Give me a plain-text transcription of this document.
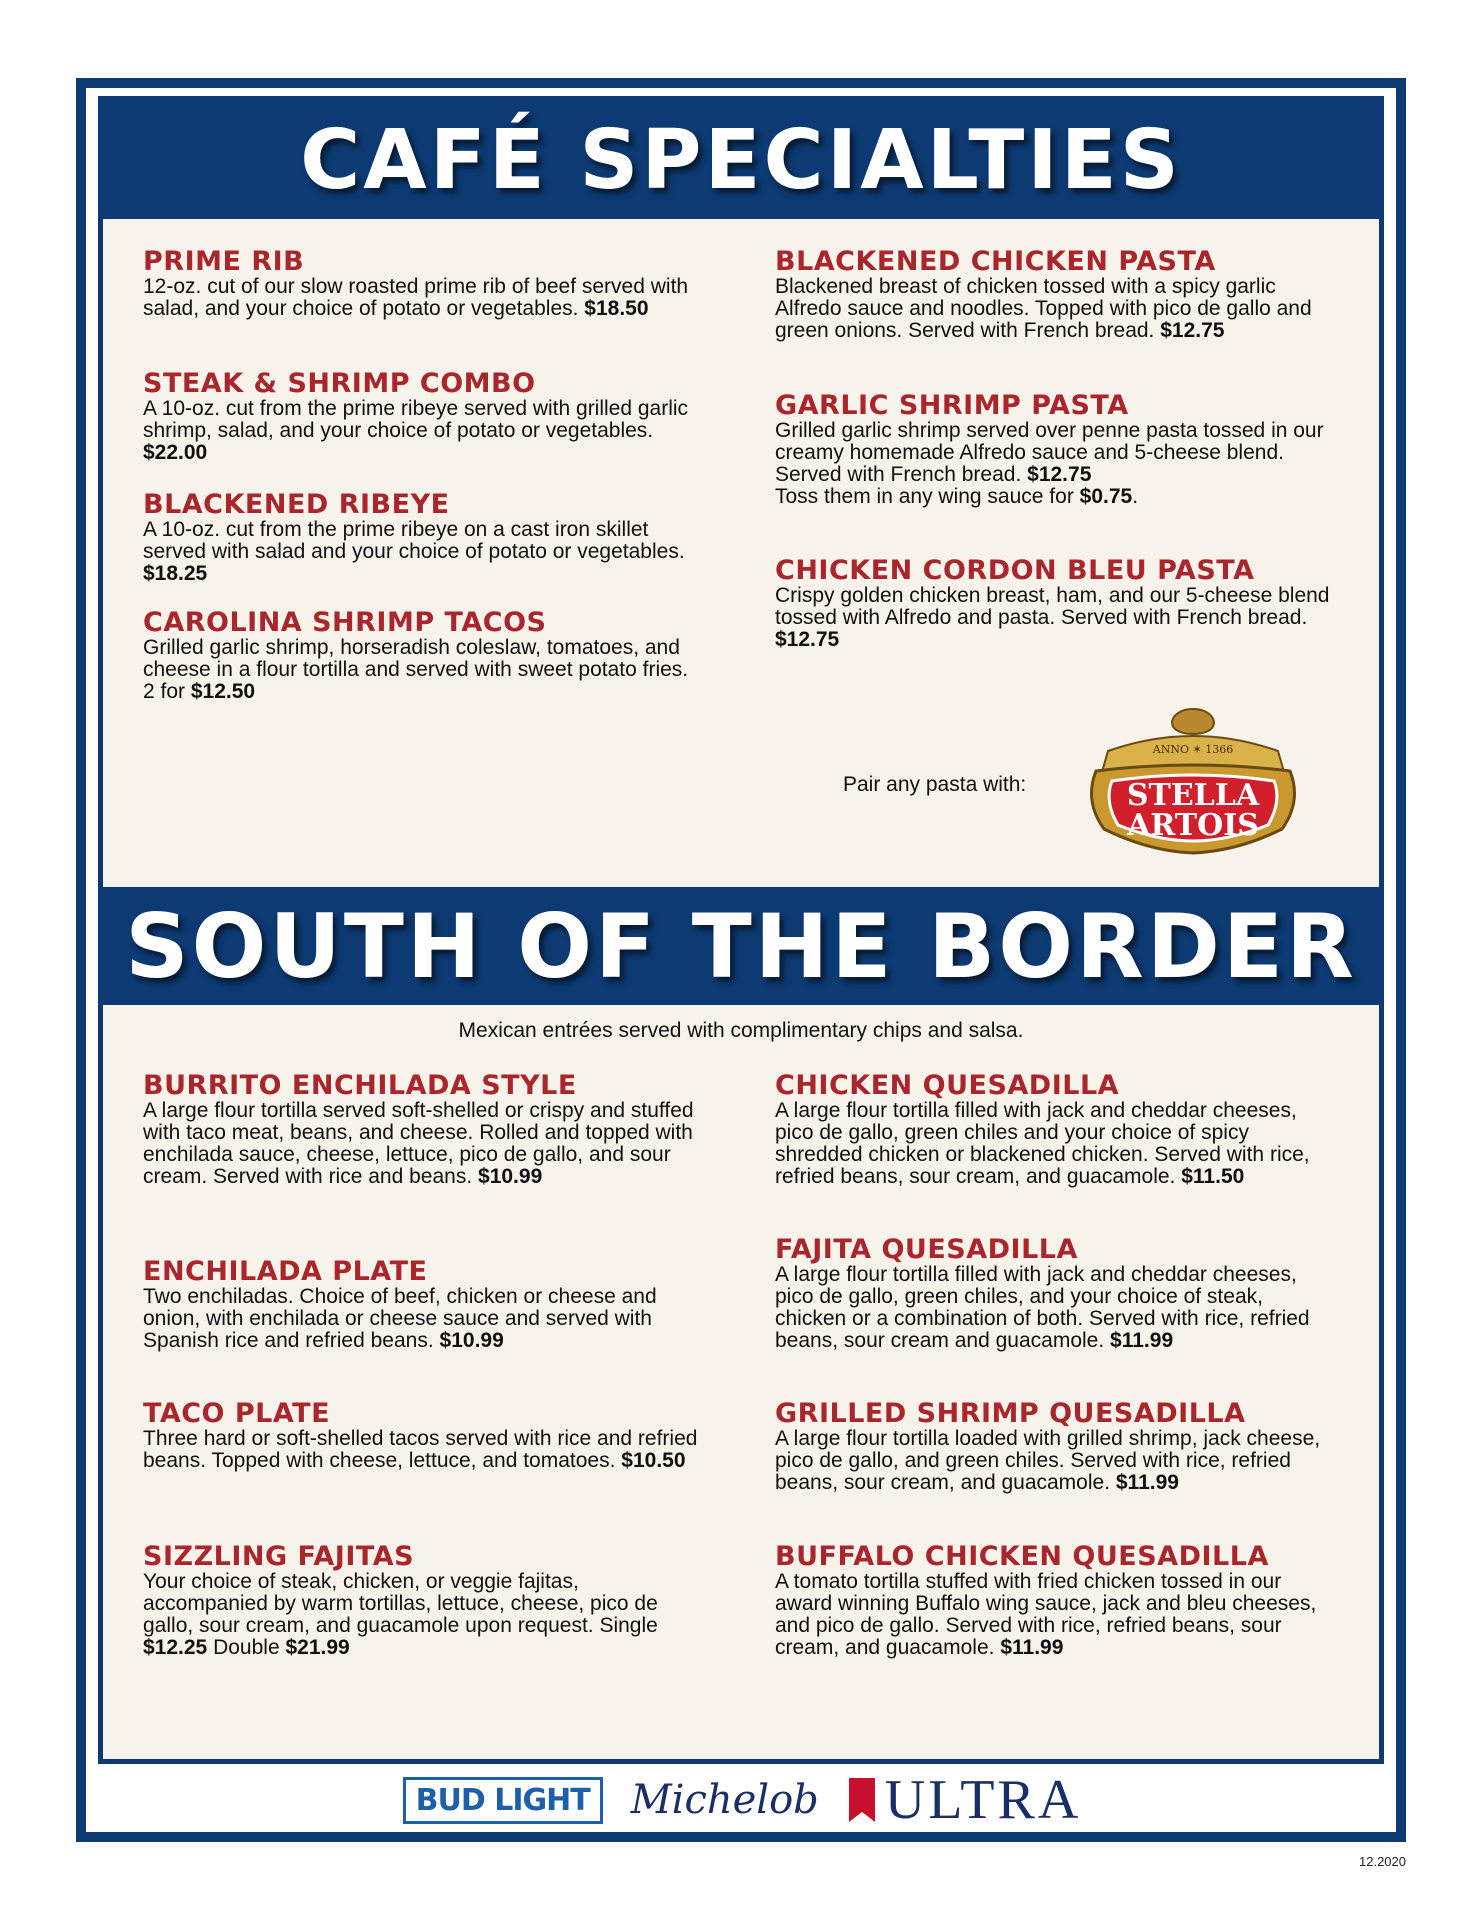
CAFÉ SPECIALTIES
PRIME RIB
12-oz. cut of our slow roasted prime rib of beef served with salad, and your choice of potato or vegetables. $18.50
STEAK & SHRIMP COMBO
A 10-oz. cut from the prime ribeye served with grilled garlic shrimp, salad, and your choice of potato or vegetables. $22.00
BLACKENED RIBEYE
A 10-oz. cut from the prime ribeye on a cast iron skillet served with salad and your choice of potato or vegetables. $18.25
CAROLINA SHRIMP TACOS
Grilled garlic shrimp, horseradish coleslaw, tomatoes, and cheese in a flour tortilla and served with sweet potato fries. 2 for $12.50
BLACKENED CHICKEN PASTA
Blackened breast of chicken tossed with a spicy garlic Alfredo sauce and noodles. Topped with pico de gallo and green onions. Served with French bread. $12.75
GARLIC SHRIMP PASTA
Grilled garlic shrimp served over penne pasta tossed in our creamy homemade Alfredo sauce and 5-cheese blend. Served with French bread. $12.75
Toss them in any wing sauce for $0.75.
CHICKEN CORDON BLEU PASTA
Crispy golden chicken breast, ham, and our 5-cheese blend tossed with Alfredo and pasta. Served with French bread. $12.75
Pair any pasta with:
ANNO ✶ 1366
STELLA
ARTOIS
SOUTH OF THE BORDER
Mexican entrées served with complimentary chips and salsa.
BURRITO ENCHILADA STYLE
A large flour tortilla served soft-shelled or crispy and stuffed with taco meat, beans, and cheese. Rolled and topped with enchilada sauce, cheese, lettuce, pico de gallo, and sour cream. Served with rice and beans. $10.99
ENCHILADA PLATE
Two enchiladas. Choice of beef, chicken or cheese and onion, with enchilada or cheese sauce and served with Spanish rice and refried beans. $10.99
TACO PLATE
Three hard or soft-shelled tacos served with rice and refried beans. Topped with cheese, lettuce, and tomatoes. $10.50
SIZZLING FAJITAS
Your choice of steak, chicken, or veggie fajitas, accompanied by warm tortillas, lettuce, cheese, pico de gallo, sour cream, and guacamole upon request. Single $12.25 Double $21.99
CHICKEN QUESADILLA
A large flour tortilla filled with jack and cheddar cheeses, pico de gallo, green chiles and your choice of spicy shredded chicken or blackened chicken. Served with rice, refried beans, sour cream, and guacamole. $11.50
FAJITA QUESADILLA
A large flour tortilla filled with jack and cheddar cheeses, pico de gallo, green chiles, and your choice of steak, chicken or a combination of both. Served with rice, refried beans, sour cream and guacamole. $11.99
GRILLED SHRIMP QUESADILLA
A large flour tortilla loaded with grilled shrimp, jack cheese, pico de gallo, and green chiles. Served with rice, refried beans, sour cream, and guacamole. $11.99
BUFFALO CHICKEN QUESADILLA
A tomato tortilla stuffed with fried chicken tossed in our award winning Buffalo wing sauce, jack and bleu cheeses, and pico de gallo. Served with rice, refried beans, sour cream, and guacamole. $11.99
BUD LIGHT	Michelob ULTRA
12.2020
